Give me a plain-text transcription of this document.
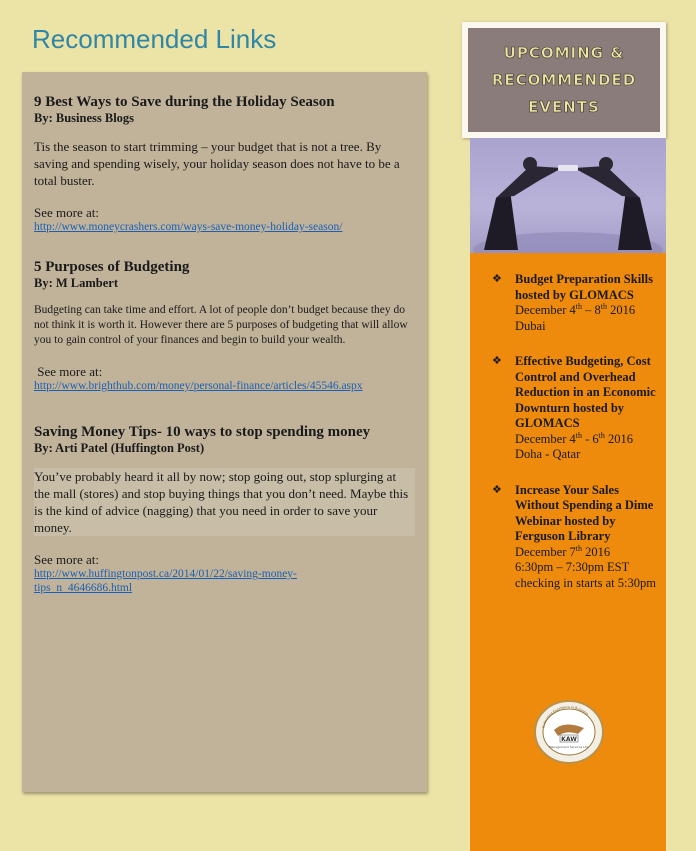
Recommended Links
9 Best Ways to Save during the Holiday Season
By: Business Blogs
Tis the season to start trimming – your budget that is not a tree. By saving and spending wisely, your holiday season does not have to be a total buster.
See more at:
http://www.moneycrashers.com/ways-save-money-holiday-season/
5 Purposes of Budgeting
By: M Lambert
Budgeting can take time and effort. A lot of people don’t budget because they do not think it is worth it. However there are 5 purposes of budgeting that will allow you to gain control of your finances and begin to build your wealth.
See more at:
http://www.brighthub.com/money/personal-finance/articles/45546.aspx
Saving Money Tips- 10 ways to stop spending money
By: Arti Patel (Huffington Post)
You’ve probably heard it all by now; stop going out, stop splurging at the mall (stores) and stop buying things that you don’t need. Maybe this is the kind of advice (nagging) that you need in order to save your money.
See more at:
http://www.huffingtonpost.ca/2014/01/22/saving-money-tips_n_4646686.html
UPCOMING & RECOMMENDED EVENTS
❖	Budget Preparation Skills hosted by GLOMACS
December 4th – 8th 2016
Dubai
❖	Effective Budgeting, Cost Control and Overhead Reduction in an Economic Downturn hosted by GLOMACS
December 4th - 6th 2016
Doha - Qatar
❖	Increase Your Sales Without Spending a Dime Webinar hosted by Ferguson Library
December 7th 2016
6:30pm – 7:30pm EST checking in starts at 5:30pm
KAW
Management Services Ltd.
Cultivating Excellence in Business
